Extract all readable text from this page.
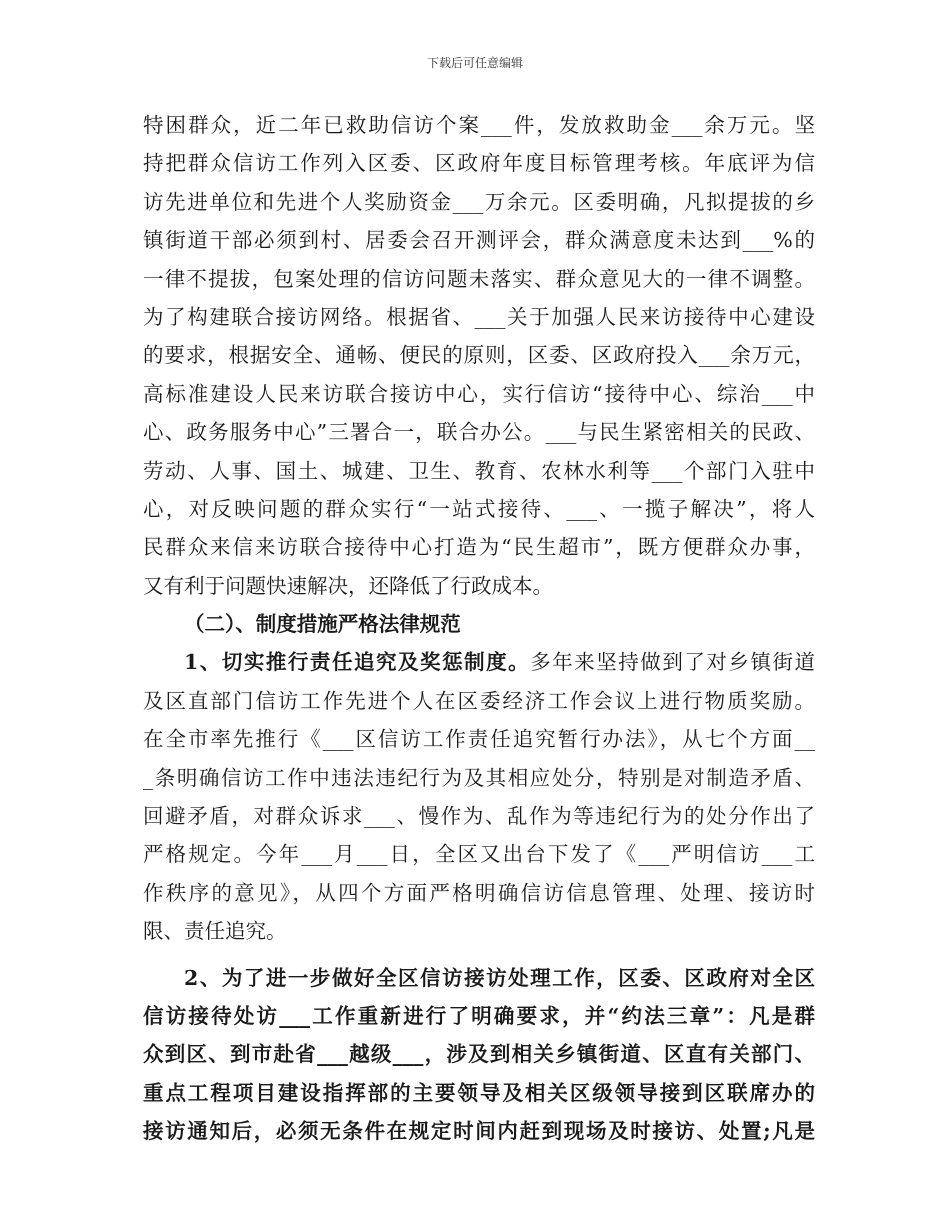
下载后可任意编辑
特困群众，近二年已救助信访个案___件，发放救助金___余万元。坚
持把群众信访工作列入区委、区政府年度目标管理考核。年底评为信
访先进单位和先进个人奖励资金___万余元。区委明确，凡拟提拔的乡
镇街道干部必须到村、居委会召开测评会，群众满意度未达到___%的
一律不提拔，包案处理的信访问题未落实、群众意见大的一律不调整。
为了构建联合接访网络。根据省、___关于加强人民来访接待中心建设
的要求，根据安全、通畅、便民的原则，区委、区政府投入___余万元，
高标准建设人民来访联合接访中心，实行信访“接待中心、综治___中
心、政务服务中心”三署合一，联合办公。___与民生紧密相关的民政、
劳动、人事、国土、城建、卫生、教育、农林水利等___个部门入驻中
心，对反映问题的群众实行“一站式接待、___、一揽子解决”，将人
民群众来信来访联合接待中心打造为“民生超市”，既方便群众办事，
又有利于问题快速解决，还降低了行政成本。
（二）、制度措施严格法律规范
1、切实推行责任追究及奖惩制度。多年来坚持做到了对乡镇街道
及区直部门信访工作先进个人在区委经济工作会议上进行物质奖励。
在全市率先推行《___区信访工作责任追究暂行办法》，从七个方面__
_条明确信访工作中违法违纪行为及其相应处分，特别是对制造矛盾、
回避矛盾，对群众诉求___、慢作为、乱作为等违纪行为的处分作出了
严格规定。今年___月___日，全区又出台下发了《___严明信访___工
作秩序的意见》，从四个方面严格明确信访信息管理、处理、接访时
限、责任追究。
2、为了进一步做好全区信访接访处理工作，区委、区政府对全区
信访接待处访___工作重新进行了明确要求，并“约法三章”：凡是群
众到区、到市赴省___越级___，涉及到相关乡镇街道、区直有关部门、
重点工程项目建设指挥部的主要领导及相关区级领导接到区联席办的
接访通知后，必须无条件在规定时间内赶到现场及时接访、处置;凡是
